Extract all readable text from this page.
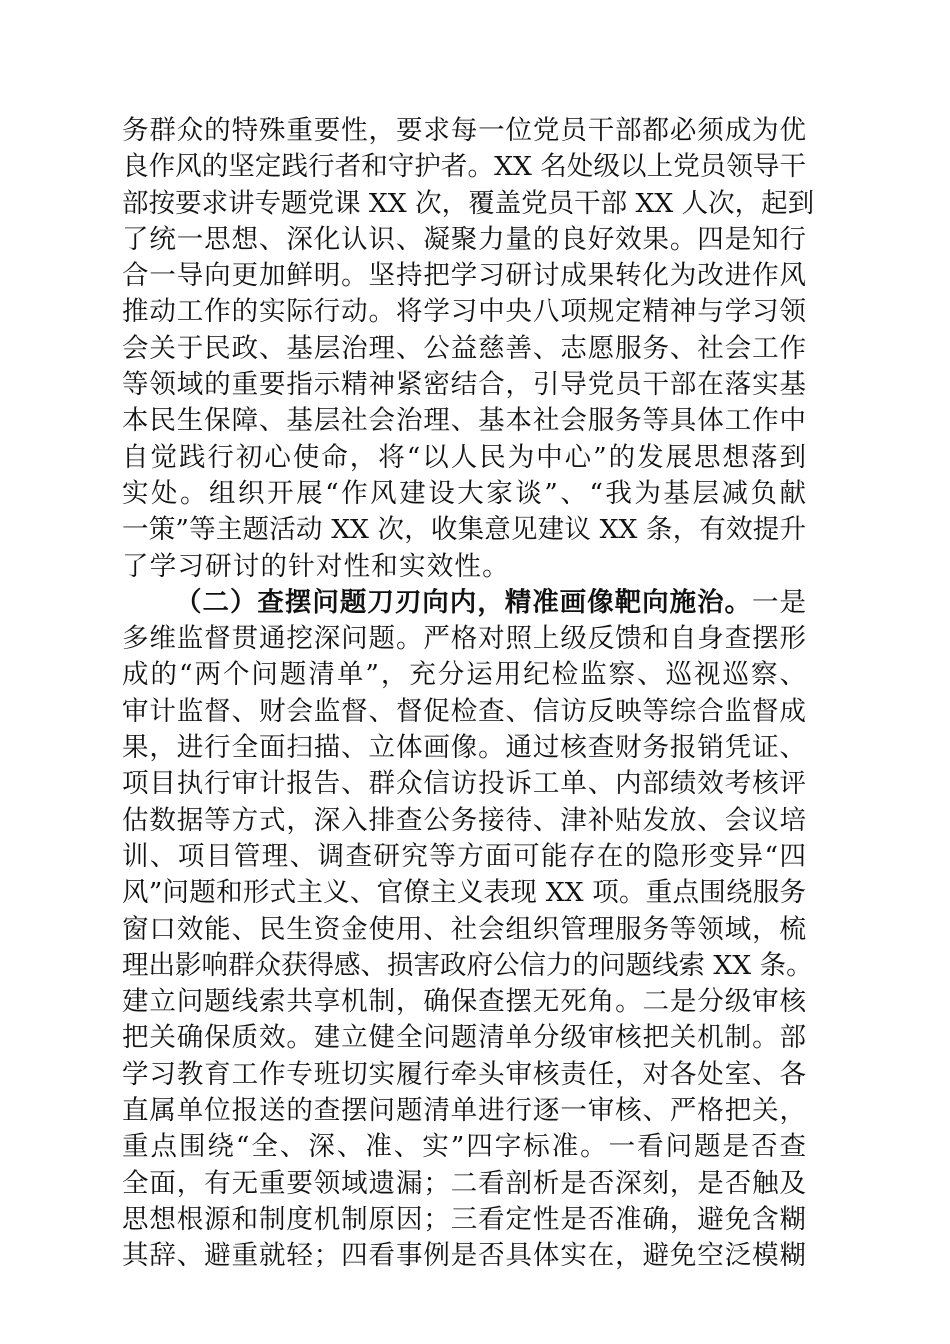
务群众的特殊重要性，要求每一位党员干部都必须成为优
良作风的坚定践行者和守护者。XX 名处级以上党员领导干
部按要求讲专题党课 XX 次，覆盖党员干部 XX 人次，起到
了统一思想、深化认识、凝聚力量的良好效果。四是知行
合一导向更加鲜明。坚持把学习研讨成果转化为改进作风
推动工作的实际行动。将学习中央八项规定精神与学习领
会关于民政、基层治理、公益慈善、志愿服务、社会工作
等领域的重要指示精神紧密结合，引导党员干部在落实基
本民生保障、基层社会治理、基本社会服务等具体工作中
自觉践行初心使命，将“以人民为中心”的发展思想落到
实处。组织开展“作风建设大家谈”、“我为基层减负献
一策”等主题活动 XX 次，收集意见建议 XX 条，有效提升
了学习研讨的针对性和实效性。
（二）查摆问题刀刃向内，精准画像靶向施治。一是
多维监督贯通挖深问题。严格对照上级反馈和自身查摆形
成的“两个问题清单”，充分运用纪检监察、巡视巡察、
审计监督、财会监督、督促检查、信访反映等综合监督成
果，进行全面扫描、立体画像。通过核查财务报销凭证、
项目执行审计报告、群众信访投诉工单、内部绩效考核评
估数据等方式，深入排查公务接待、津补贴发放、会议培
训、项目管理、调查研究等方面可能存在的隐形变异“四
风”问题和形式主义、官僚主义表现 XX 项。重点围绕服务
窗口效能、民生资金使用、社会组织管理服务等领域，梳
理出影响群众获得感、损害政府公信力的问题线索 XX 条。
建立问题线索共享机制，确保查摆无死角。二是分级审核
把关确保质效。建立健全问题清单分级审核把关机制。部
学习教育工作专班切实履行牵头审核责任，对各处室、各
直属单位报送的查摆问题清单进行逐一审核、严格把关，
重点围绕“全、深、准、实”四字标准。一看问题是否查
全面，有无重要领域遗漏；二看剖析是否深刻，是否触及
思想根源和制度机制原因；三看定性是否准确，避免含糊
其辞、避重就轻；四看事例是否具体实在，避免空泛模糊
